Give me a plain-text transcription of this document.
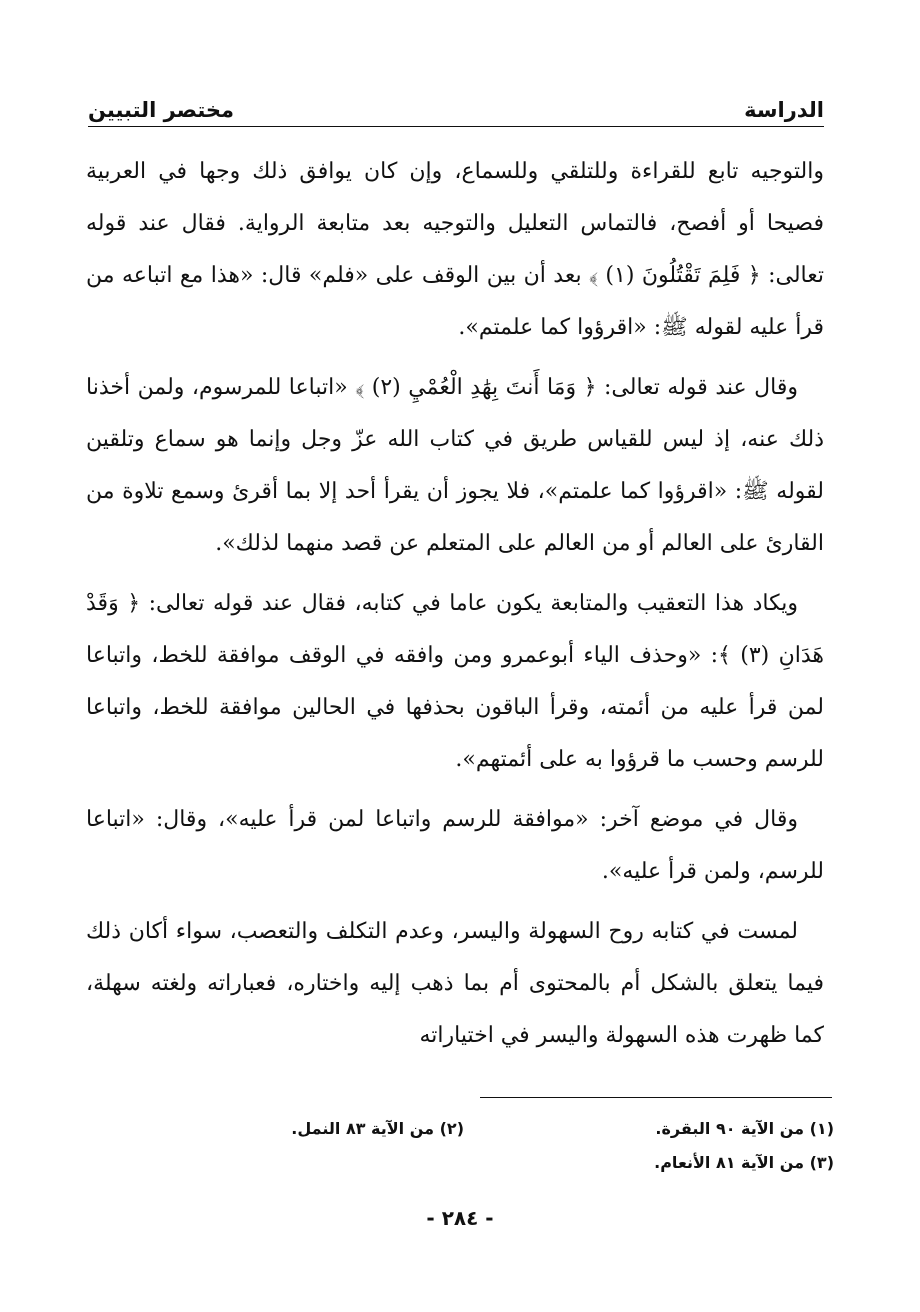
الدراسة
مختصر التبيين

والتوجيه تابع للقراءة وللتلقي وللسماع، وإن كان يوافق ذلك وجها في العربية فصيحا أو أفصح، فالتماس التعليل والتوجيه بعد متابعة الرواية. فقال عند قوله تعالى: ﴿ فَلِمَ تَقْتُلُونَ (١) ﴾ بعد أن بين الوقف على «فلم» قال: «هذا مع اتباعه من قرأ عليه لقوله ﷺ: «اقرؤوا كما علمتم».

وقال عند قوله تعالى: ﴿ وَمَا أَنتَ بِهَٰدِ الْعُمْيِ (٢) ﴾ «اتباعا للمرسوم، ولمن أخذنا ذلك عنه، إذ ليس للقياس طريق في كتاب الله عزّ وجل وإنما هو سماع وتلقين لقوله ﷺ: «اقرؤوا كما علمتم»، فلا يجوز أن يقرأ أحد إلا بما أقرئ وسمع تلاوة من القارئ على العالم أو من العالم على المتعلم عن قصد منهما لذلك».

ويكاد هذا التعقيب والمتابعة يكون عاما في كتابه، فقال عند قوله تعالى: ﴿ وَقَدْ هَدَانِ (٣) ﴾: «وحذف الياء أبوعمرو ومن وافقه في الوقف موافقة للخط، واتباعا لمن قرأ عليه من أئمته، وقرأ الباقون بحذفها في الحالين موافقة للخط، واتباعا للرسم وحسب ما قرؤوا به على أئمتهم».

وقال في موضع آخر: «موافقة للرسم واتباعا لمن قرأ عليه»، وقال: «اتباعا للرسم، ولمن قرأ عليه».

لمست في كتابه روح السهولة واليسر، وعدم التكلف والتعصب، سواء أكان ذلك فيما يتعلق بالشكل أم بالمحتوى أم بما ذهب إليه واختاره، فعباراته ولغته سهلة، كما ظهرت هذه السهولة واليسر في اختياراته

(١) من الآية ٩٠ البقرة.
(٢) من الآية ٨٣ النمل.
(٣) من الآية ٨١ الأنعام.
- ٢٨٤ -
